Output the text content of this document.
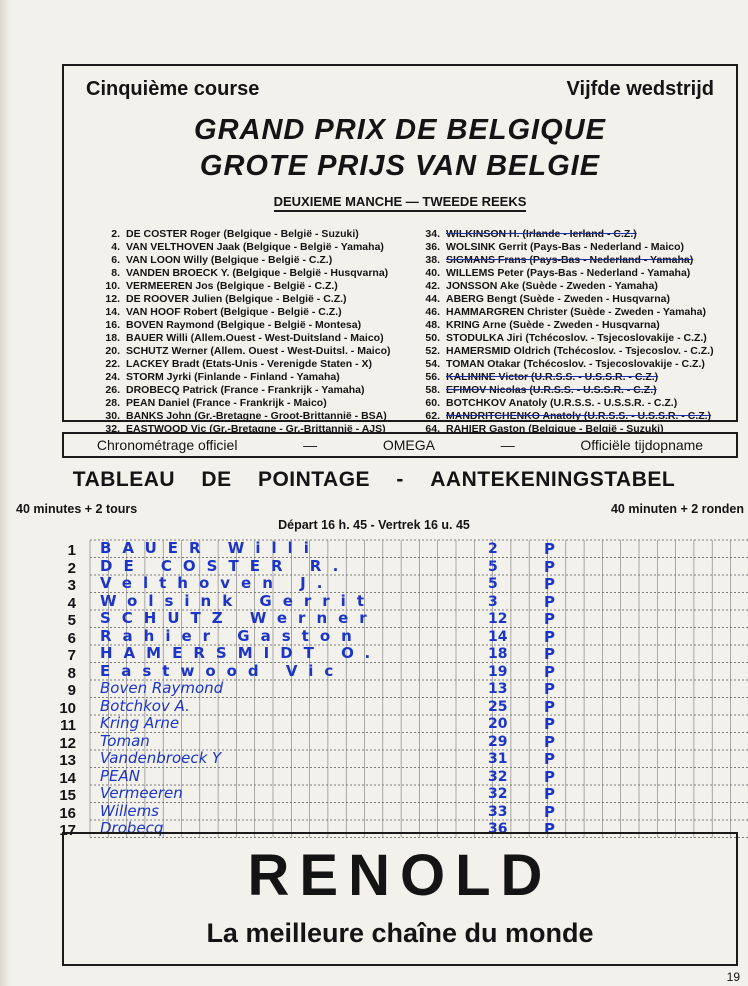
Cinquième course	Vijfde wedstrijd
GRAND PRIX DE BELGIQUE
GROTE PRIJS VAN BELGIE
DEUXIEME MANCHE — TWEEDE REEKS
2. DE COSTER Roger (Belgique - België - Suzuki)
4. VAN VELTHOVEN Jaak (Belgique - België - Yamaha)
6. VAN LOON Willy (Belgique - België - C.Z.)
8. VANDEN BROECK Y. (Belgique - België - Husqvarna)
10. VERMEEREN Jos (Belgique - België - C.Z.)
12. DE ROOVER Julien (Belgique - België - C.Z.)
14. VAN HOOF Robert (Belgique - België - C.Z.)
16. BOVEN Raymond (Belgique - België - Montesa)
18. BAUER Willi (Allem.Ouest - West-Duitsland - Maico)
20. SCHUTZ Werner (Allem. Ouest - West-Duitsl. - Maico)
22. LACKEY Bradt (Etats-Unis - Verenigde Staten - X)
24. STORM Jyrki (Finlande - Finland - Yamaha)
26. DROBECQ Patrick (France - Frankrijk - Yamaha)
28. PEAN Daniel (France - Frankrijk - Maico)
30. BANKS John (Gr.-Bretagne - Groot-Brittannië - BSA)
32. EASTWOOD Vic (Gr.-Bretagne - Gr.-Brittannië - AJS)
34. WILKINSON H. (Irlande - Ierland - C.Z.)
36. WOLSINK Gerrit (Pays-Bas - Nederland - Maico)
38. SIGMANS Frans (Pays-Bas - Nederland - Yamaha)
40. WILLEMS Peter (Pays-Bas - Nederland - Yamaha)
42. JONSSON Ake (Suède - Zweden - Yamaha)
44. ABERG Bengt (Suède - Zweden - Husqvarna)
46. HAMMARGREN Christer (Suède - Zweden - Yamaha)
48. KRING Arne (Suède - Zweden - Husqvarna)
50. STODULKA Jiri (Tchécoslov. - Tsjecoslovakije - C.Z.)
52. HAMERSMID Oldrich (Tchécoslov. - Tsjecoslov. - C.Z.)
54. TOMAN Otakar (Tchécoslov. - Tsjecoslovakije - C.Z.)
56. KALININE Victor (U.R.S.S. - U.S.S.R. - C.Z.)
58. EFIMOV Nicolas (U.R.S.S. - U.S.S.R. - C.Z.)
60. BOTCHKOV Anatoly (U.R.S.S. - U.S.S.R. - C.Z.)
62. MANDRITCHENKO Anatoly (U.R.S.S. - U.S.S.R. - C.Z.)
64. RAHIER Gaston (Belgique - België - Suzuki)
Chronométrage officiel	—	OMEGA	—	Officiële tijdopname
TABLEAU DE POINTAGE - AANTEKENINGSTABEL
40 minutes + 2 tours	40 minuten + 2 ronden
Départ 16 h. 45 - Vertrek 16 u. 45
1 BAUER Willi	2	P
2 DE COSTER R.	5	P
3 Velthoven J.	5	P
4 Wolsink Gerrit	3	P
5 SCHUTZ Werner	12 P
6 Rahier Gaston	14 P
7 HAMERSMIDT O.	18 P
8 Eastwood Vic	19 P
9 Boven Raymond	13 P
10 Botchkov A.	25 P
11 Kring Arne	20 P
12 Toman	29 P
13 Vandenbroeck Y	31 P
14 PEAN	32 P
15 Vermeeren	32 P
16 Willems	33 P
17 Drobecq	36 P
RENOLD
La meilleure chaîne du monde
19
